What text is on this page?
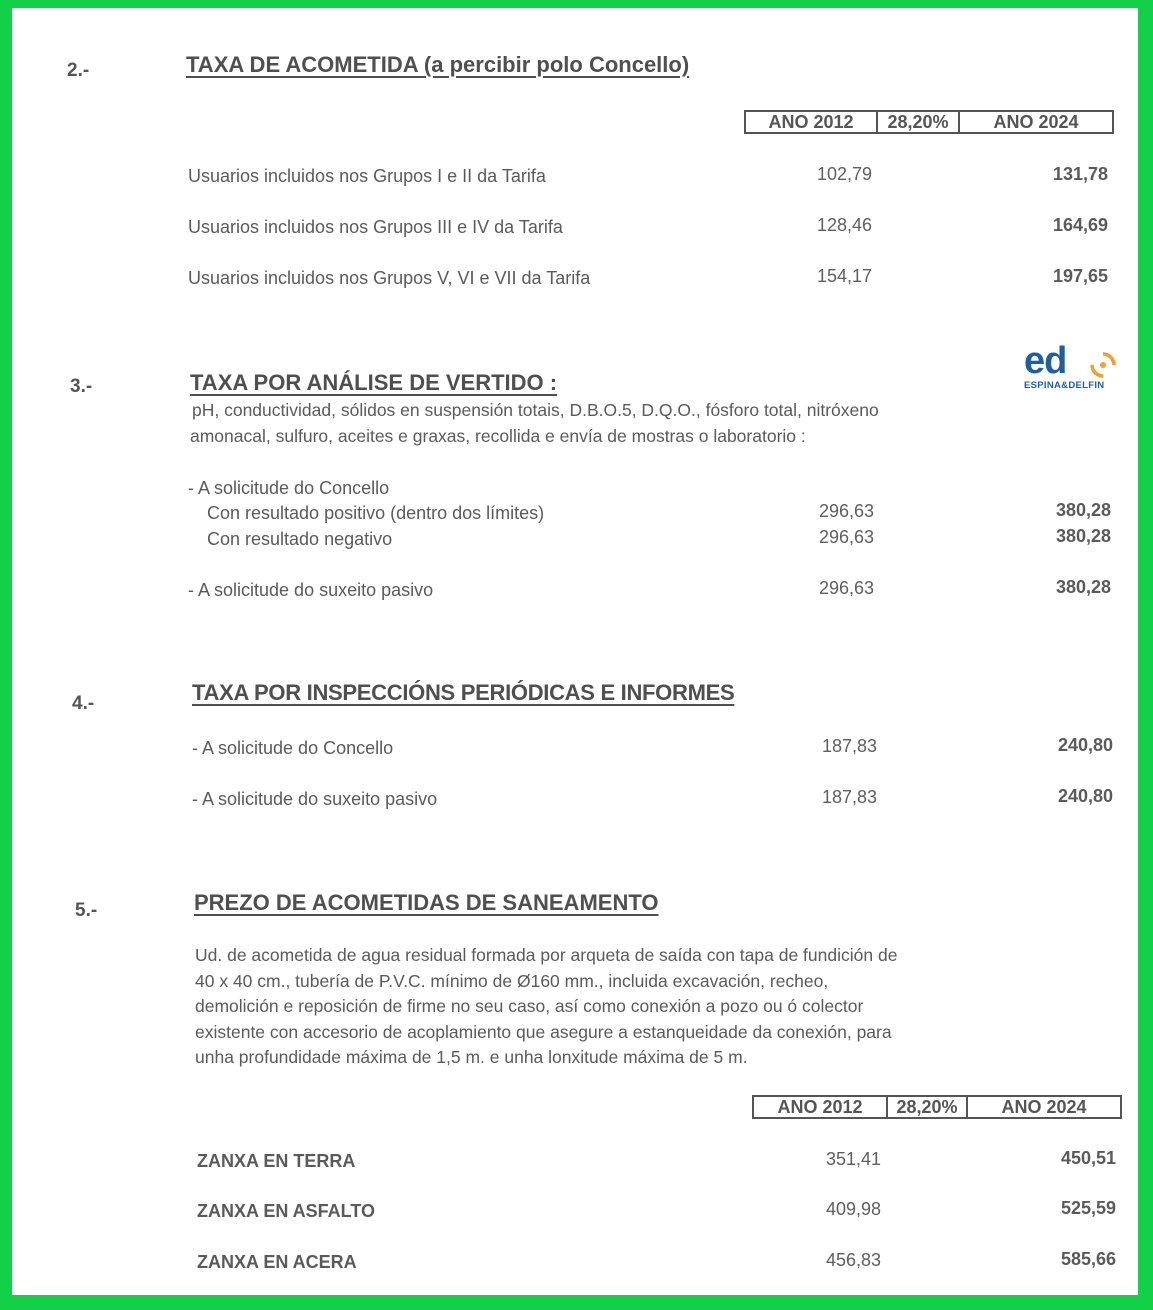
2.-	TAXA DE ACOMETIDA (a percibir polo Concello)
ANO 2012	28,20%	ANO 2024
Usuarios incluidos nos Grupos I e II da Tarifa	102,79	131,78
Usuarios incluidos nos Grupos III e IV da Tarifa	128,46	164,69
Usuarios incluidos nos Grupos V, VI e VII da Tarifa	154,17	197,65
ed
ESPINA&DELFIN
3.-	TAXA POR ANÁLISE DE VERTIDO :
pH, conductividad, sólidos en suspensión totais, D.B.O.5, D.Q.O., fósforo total, nitróxeno
amonacal, sulfuro, aceites e graxas, recollida e envía de mostras o laboratorio :
- A solicitude do Concello
Con resultado positivo (dentro dos límites)	296,63	380,28
Con resultado negativo	296,63	380,28
- A solicitude do suxeito pasivo	296,63	380,28
4.-	TAXA POR INSPECCIÓNS PERIÓDICAS E INFORMES
- A solicitude do Concello	187,83	240,80
- A solicitude do suxeito pasivo	187,83	240,80
5.-	PREZO DE ACOMETIDAS DE SANEAMENTO
Ud. de acometida de agua residual formada por arqueta de saída con tapa de fundición de
40 x 40 cm., tubería de P.V.C. mínimo de Ø160 mm., incluida excavación, recheo,
demolición e reposición de firme no seu caso, así como conexión a pozo ou ó colector
existente con accesorio de acoplamiento que asegure a estanqueidade da conexión, para
unha profundidade máxima de 1,5 m. e unha lonxitude máxima de 5 m.
ANO 2012	28,20%	ANO 2024
ZANXA EN TERRA	351,41	450,51
ZANXA EN ASFALTO	409,98	525,59
ZANXA EN ACERA	456,83	585,66
